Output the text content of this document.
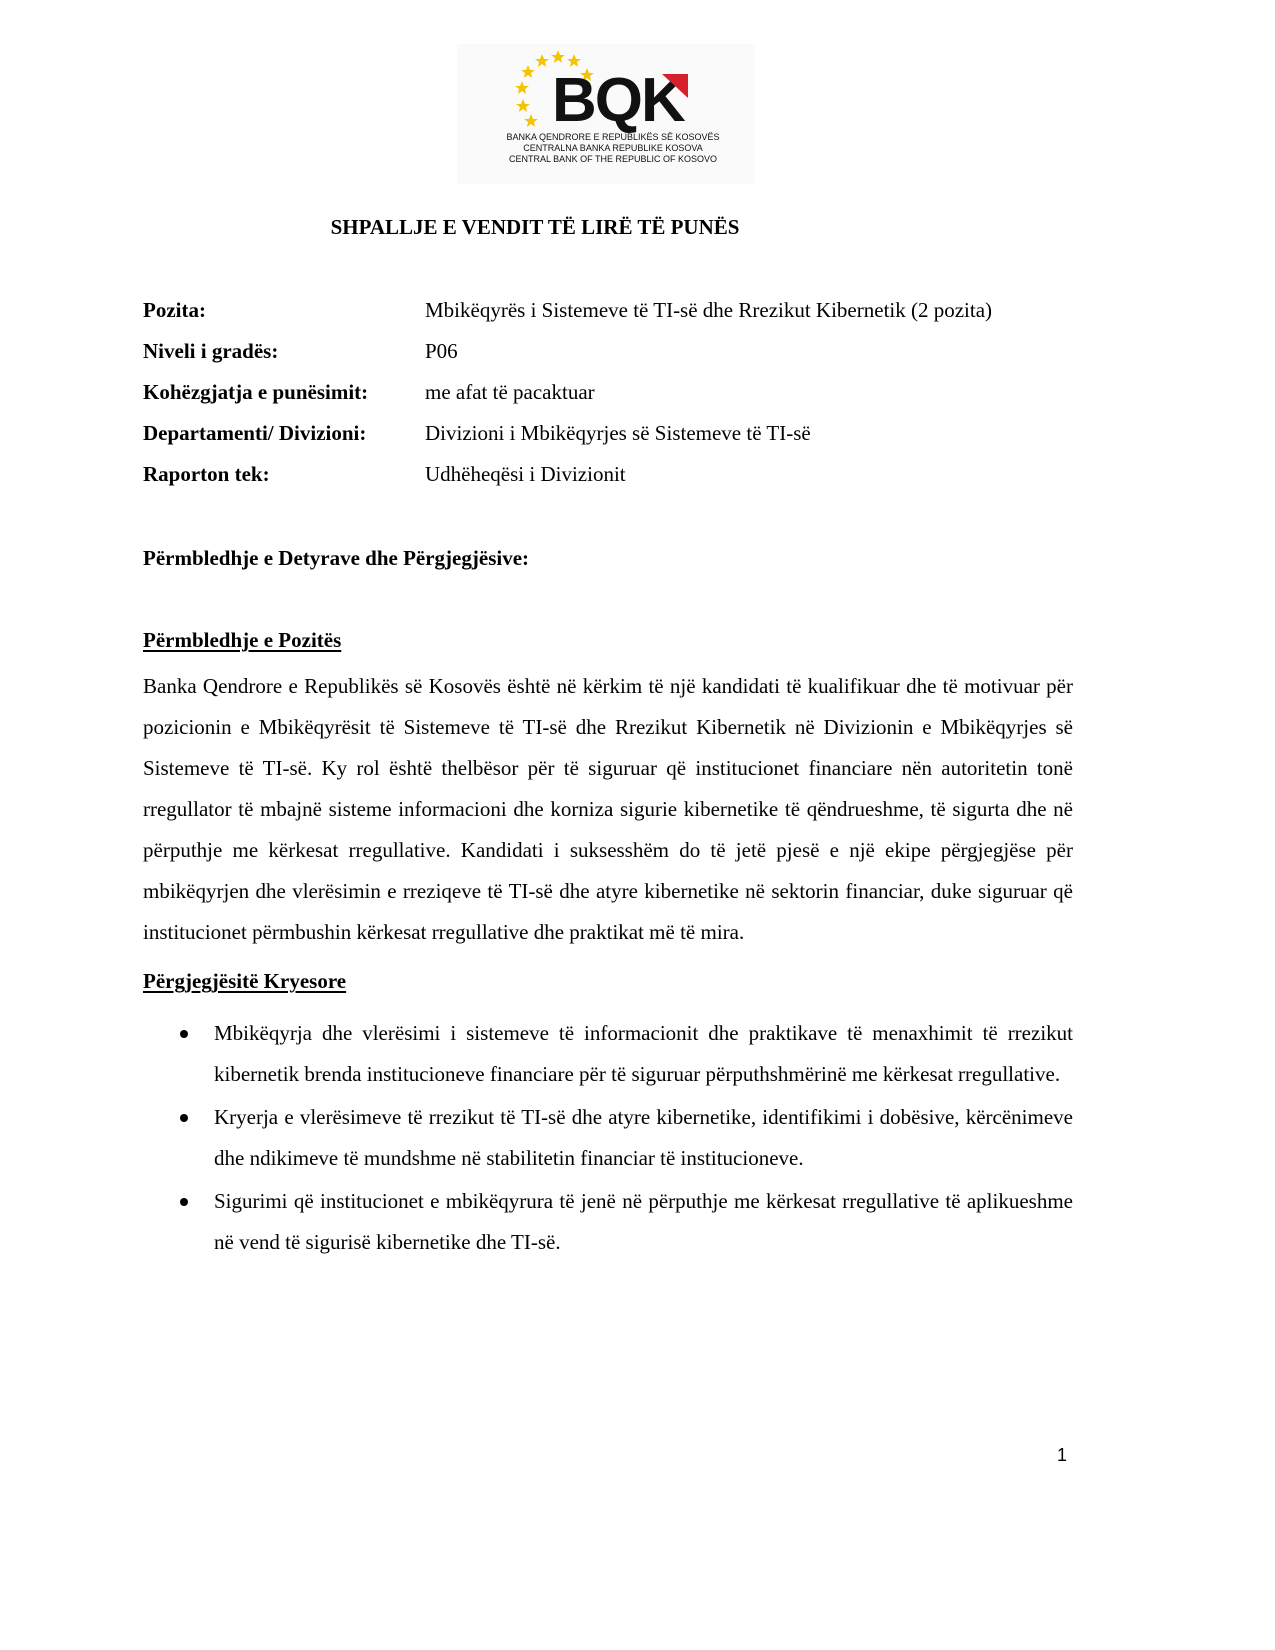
BQK
BANKA QENDRORE E REPUBLIKËS SË KOSOVËS
CENTRALNA BANKA REPUBLIKE KOSOVA
CENTRAL BANK OF THE REPUBLIC OF KOSOVO
SHPALLJE E VENDIT TË LIRË TË PUNËS
Pozita:	Mbikëqyrës i Sistemeve të TI-së dhe Rrezikut Kibernetik (2 pozita)
Niveli i gradës:	P06
Kohëzgjatja e punësimit:	me afat të pacaktuar
Departamenti/ Divizioni:	Divizioni i Mbikëqyrjes së Sistemeve të TI-së
Raporton tek:	Udhëheqësi i Divizionit
Përmbledhje e Detyrave dhe Përgjegjësive:
Përmbledhje e Pozitës
Banka Qendrore e Republikës së Kosovës është në kërkim të një kandidati të kualifikuar dhe të motivuar për pozicionin e Mbikëqyrësit të Sistemeve të TI-së dhe Rrezikut Kibernetik në Divizionin e Mbikëqyrjes së Sistemeve të TI-së. Ky rol është thelbësor për të siguruar që institucionet financiare nën autoritetin tonë rregullator të mbajnë sisteme informacioni dhe korniza sigurie kibernetike të qëndrueshme, të sigurta dhe në përputhje me kërkesat rregullative. Kandidati i suksesshëm do të jetë pjesë e një ekipe përgjegjëse për mbikëqyrjen dhe vlerësimin e rreziqeve të TI-së dhe atyre kibernetike në sektorin financiar, duke siguruar që institucionet përmbushin kërkesat rregullative dhe praktikat më të mira.
Përgjegjësitë Kryesore
Mbikëqyrja dhe vlerësimi i sistemeve të informacionit dhe praktikave të menaxhimit të rrezikut kibernetik brenda institucioneve financiare për të siguruar përputhshmërinë me kërkesat rregullative.
Kryerja e vlerësimeve të rrezikut të TI-së dhe atyre kibernetike, identifikimi i dobësive, kërcënimeve dhe ndikimeve të mundshme në stabilitetin financiar të institucioneve.
Sigurimi që institucionet e mbikëqyrura të jenë në përputhje me kërkesat rregullative të aplikueshme në vend të sigurisë kibernetike dhe TI-së.
1
